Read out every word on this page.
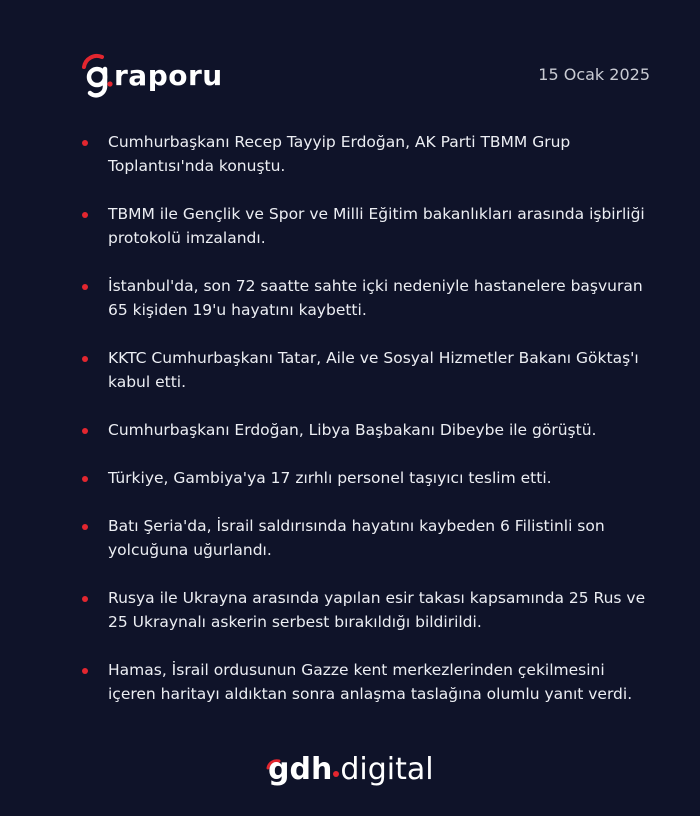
raporu	15 Ocak 2025
Cumhurbaşkanı Recep Tayyip Erdoğan, AK Parti TBMM Grup Toplantısı'nda konuştu.
TBMM ile Gençlik ve Spor ve Milli Eğitim bakanlıkları arasında işbirliği protokolü imzalandı.
İstanbul'da, son 72 saatte sahte içki nedeniyle hastanelere başvuran 65 kişiden 19'u hayatını kaybetti.
KKTC Cumhurbaşkanı Tatar, Aile ve Sosyal Hizmetler Bakanı Göktaş'ı kabul etti.
Cumhurbaşkanı Erdoğan, Libya Başbakanı Dibeybe ile görüştü.
Türkiye, Gambiya'ya 17 zırhlı personel taşıyıcı teslim etti.
Batı Şeria'da, İsrail saldırısında hayatını kaybeden 6 Filistinli son yolcuğuna uğurlandı.
Rusya ile Ukrayna arasında yapılan esir takası kapsamında 25 Rus ve 25 Ukraynalı askerin serbest bırakıldığı bildirildi.
Hamas, İsrail ordusunun Gazze kent merkezlerinden çekilmesini içeren haritayı aldıktan sonra anlaşma taslağına olumlu yanıt verdi.
gdh digital
